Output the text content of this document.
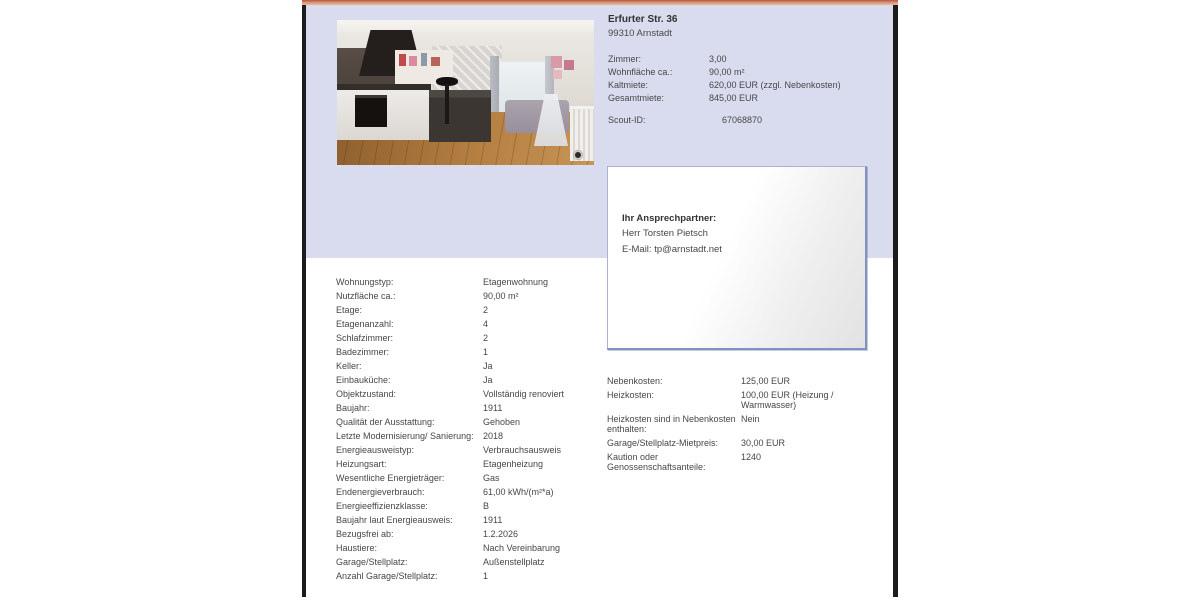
Erfurter Str. 36
99310 Arnstadt
Zimmer:	3,00
Wohnfläche ca.:	90,00 m²
Kaltmiete:	620,00 EUR (zzgl. Nebenkosten)
Gesamtmiete:	845,00 EUR
Scout-ID:	67068870
Ihr Ansprechpartner:
Herr Torsten Pietsch
E-Mail: tp@arnstadt.net
Wohnungstyp:	Etagenwohnung
Nutzfläche ca.:	90,00 m²
Etage:	2
Etagenanzahl:	4
Schlafzimmer:	2
Badezimmer:	1
Keller:	Ja
Einbauküche:	Ja
Objektzustand:	Vollständig renoviert
Baujahr:	1911
Qualität der Ausstattung:	Gehoben
Letzte Modernisierung/ Sanierung:	2018
Energieausweistyp:	Verbrauchsausweis
Heizungsart:	Etagenheizung
Wesentliche Energieträger:	Gas
Endenergieverbrauch:	61,00 kWh/(m²*a)
Energieeffizienzklasse:	B
Baujahr laut Energieausweis:	1911
Bezugsfrei ab:	1.2.2026
Haustiere:	Nach Vereinbarung
Garage/Stellplatz:	Außenstellplatz
Anzahl Garage/Stellplatz:	1
Nebenkosten:	125,00 EUR
Heizkosten:	100,00 EUR (Heizung / Warmwasser)
Heizkosten sind in Nebenkosten enthalten:
Nein
Garage/Stellplatz-Mietpreis:	30,00 EUR
Kaution oder Genossenschaftsanteile:
1240
